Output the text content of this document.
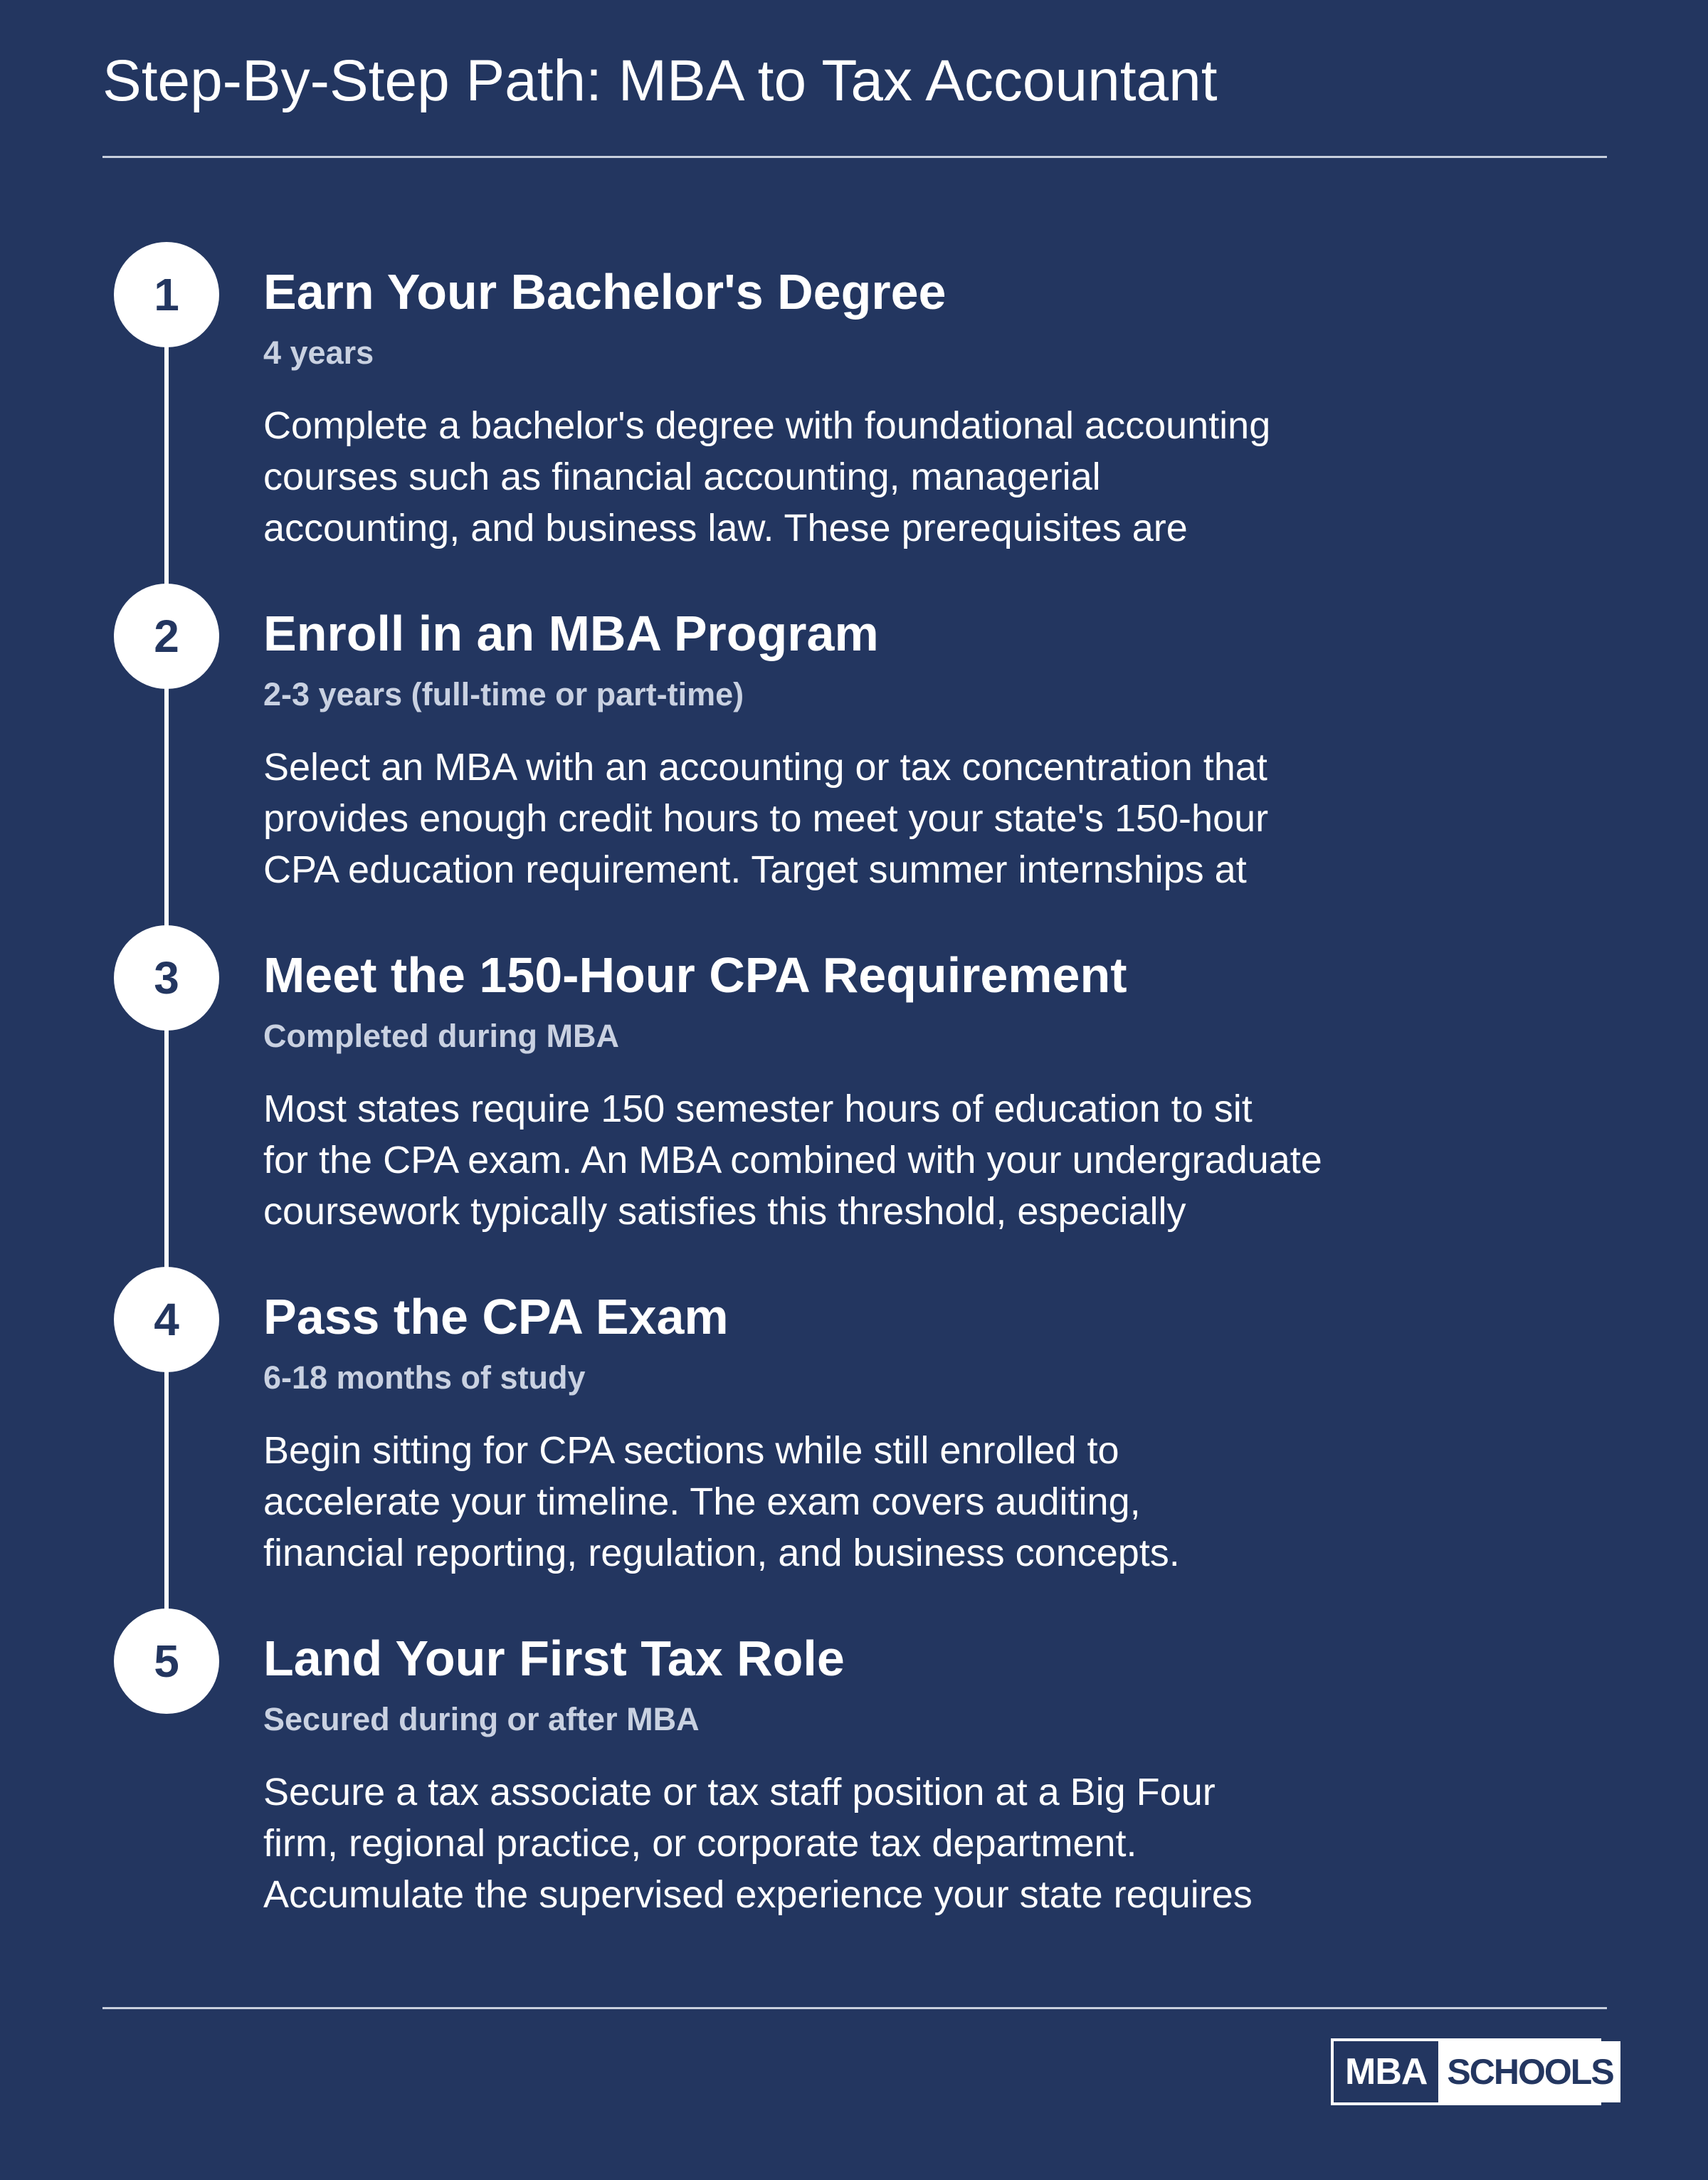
Step-By-Step Path: MBA to Tax Accountant
1	Earn Your Bachelor's Degree
4 years
Complete a bachelor's degree with foundational accounting
courses such as financial accounting, managerial
accounting, and business law. These prerequisites are
2	Enroll in an MBA Program
2-3 years (full-time or part-time)
Select an MBA with an accounting or tax concentration that
provides enough credit hours to meet your state's 150-hour
CPA education requirement. Target summer internships at
3	Meet the 150-Hour CPA Requirement
Completed during MBA
Most states require 150 semester hours of education to sit
for the CPA exam. An MBA combined with your undergraduate
coursework typically satisfies this threshold, especially
4	Pass the CPA Exam
6-18 months of study
Begin sitting for CPA sections while still enrolled to
accelerate your timeline. The exam covers auditing,
financial reporting, regulation, and business concepts.
5	Land Your First Tax Role
Secured during or after MBA
Secure a tax associate or tax staff position at a Big Four
firm, regional practice, or corporate tax department.
Accumulate the supervised experience your state requires
MBA SCHOOLS
